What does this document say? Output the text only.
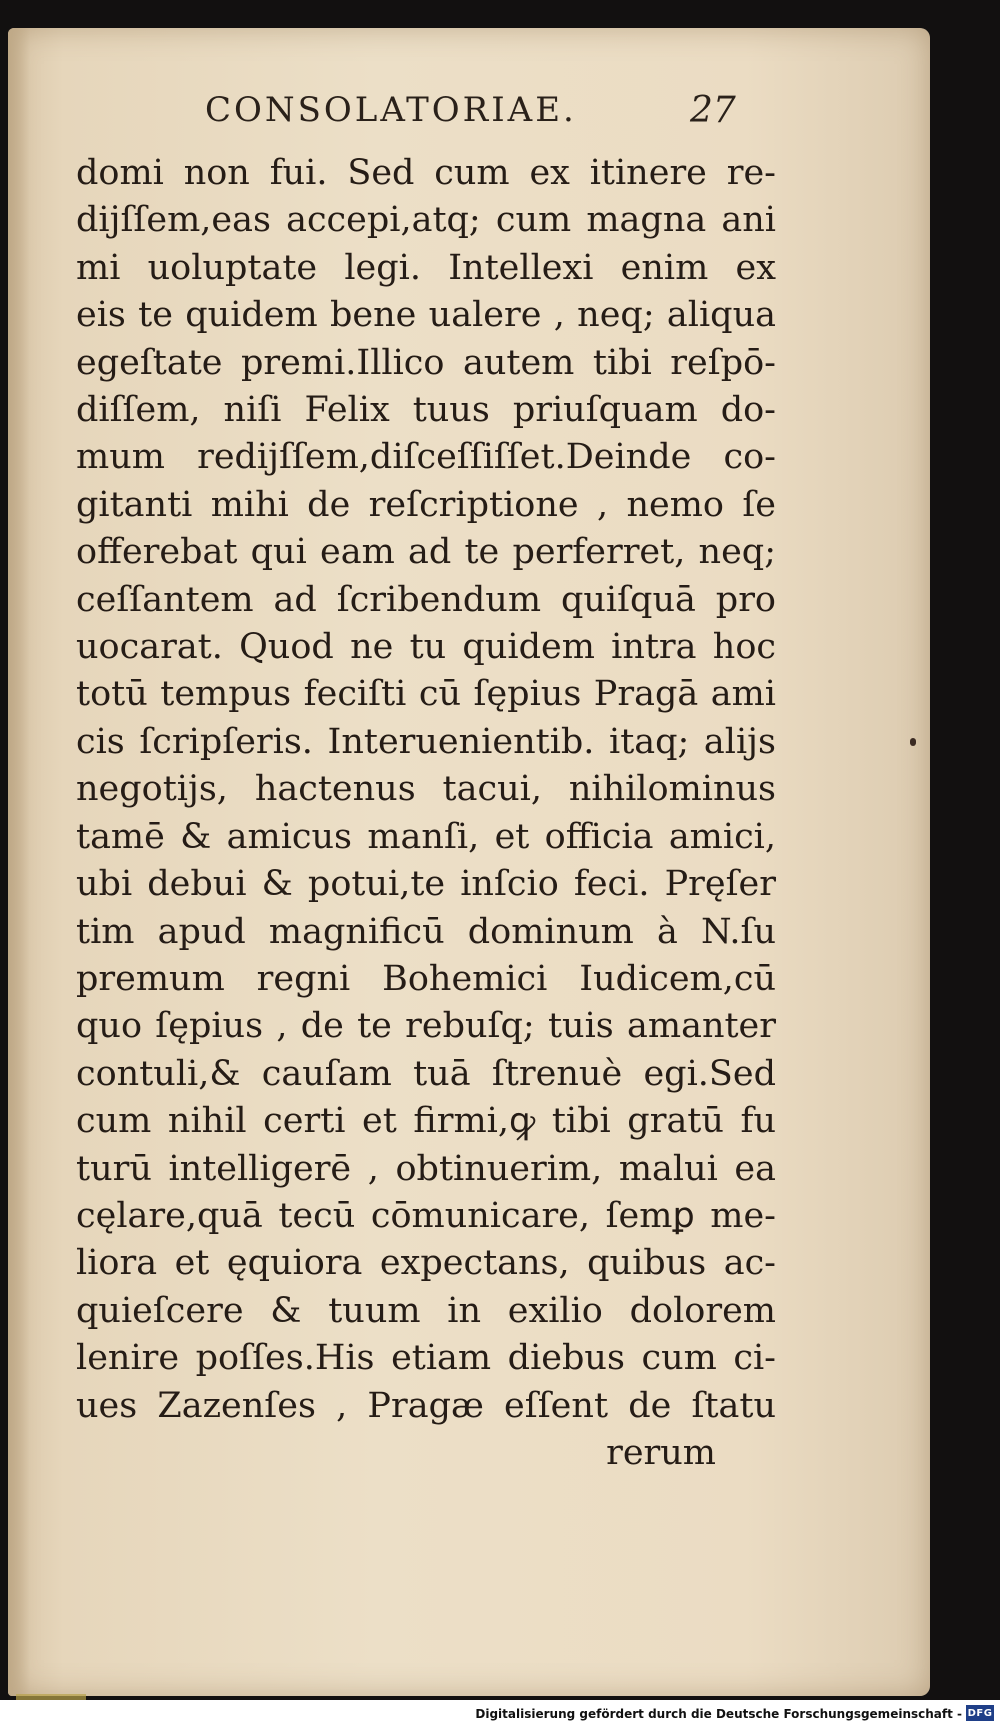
CONSOLATORIAE.	27
domi non fui. Sed cum ex itinere re-
dijſſem,eas accepi,atq; cum magna ani
mi uoluptate legi. Intellexi enim ex
eis te quidem bene ualere , neq; aliqua
egeſtate premi.Illico autem tibi reſpō-
diſſem, niſi Felix tuus priuſquam do-
mum redijſſem,diſceſſiſſet.Deinde co-
gitanti mihi de reſcriptione , nemo ſe
offerebat qui eam ad te perferret, neq;
ceſſantem ad ſcribendum quiſquā pro
uocarat. Quod ne tu quidem intra hoc
totū tempus feciſti cū ſępius Pragā ami
cis ſcripſeris. Interuenientib. itaq; alijs
negotijs, hactenus tacui, nihilominus
tamē & amicus manſi, et officia amici,
ubi debui & potui,te inſcio feci. Pręſer
tim apud magnificū dominum à N.ſu
premum regni Bohemici Iudicem,cū
quo ſępius , de te rebuſq; tuis amanter
contuli,& cauſam tuā ſtrenuè egi.Sed
cum nihil certi et firmi,ꝙ tibi gratū fu
turū intelligerē , obtinuerim, malui ea
cęlare,quā tecū cōmunicare, ſemꝑ me-
liora et ęquiora expectans, quibus ac-
quieſcere & tuum in exilio dolorem
lenire poſſes.His etiam diebus cum ci-
ues Zazenſes , Pragæ eſſent de ſtatu
rerum
Digitalisierung gefördert durch die Deutsche Forschungsgemeinschaft - DFG
